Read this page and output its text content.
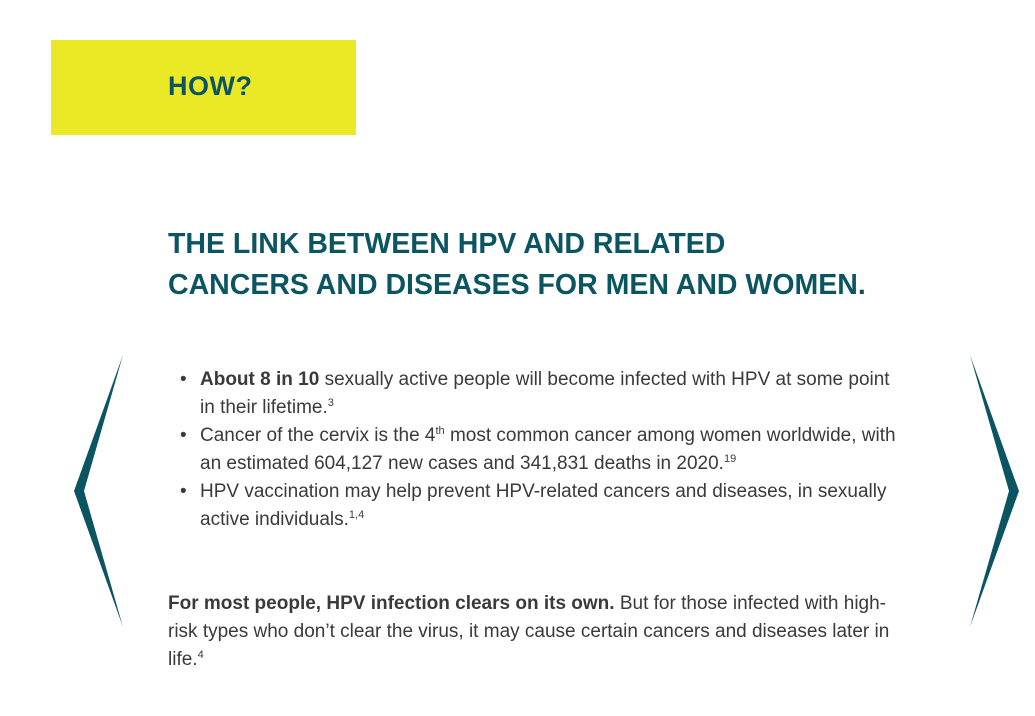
HOW?
THE LINK BETWEEN HPV AND RELATED
CANCERS AND DISEASES FOR MEN AND WOMEN.
• About 8 in 10 sexually active people will become infected with HPV at some point in their lifetime.$^3$
• Cancer of the cervix is the 4th most common cancer among women worldwide, with an estimated 604,127 new cases and 341,831 deaths in 2020.19
• HPV vaccination may help prevent HPV-related cancers and diseases, in sexually active individuals.$^{1,4}$

For most people, HPV infection clears on its own. But for those infected with high-risk types who don’t clear the virus, it may cause certain cancers and diseases later in life.$^4$
